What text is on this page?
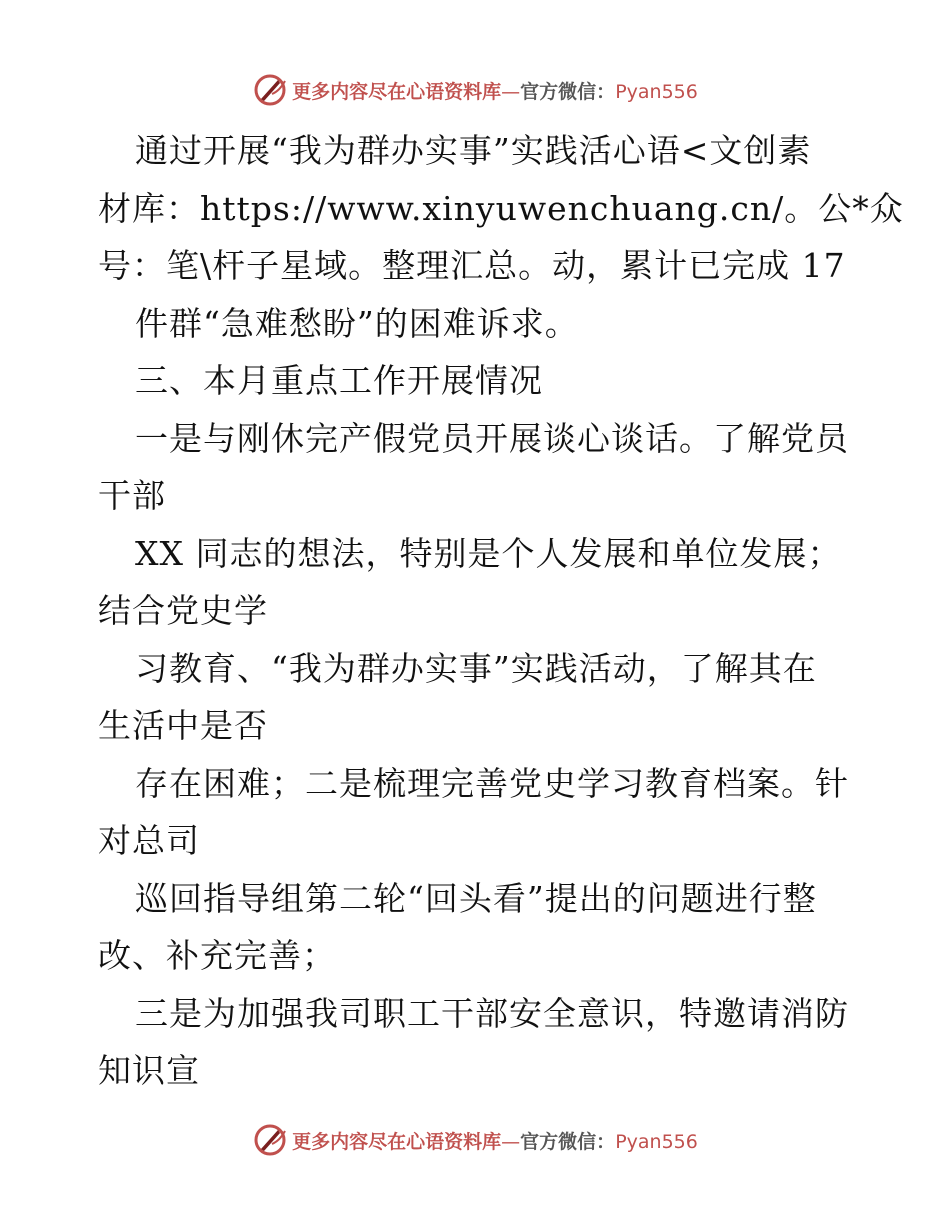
更多内容尽在心语资料库—官方微信：Pyan556
通过开展“我为群办实事”实践活心语<文创素
材库：https://www.xinyuwenchuang.cn/。公*众
号：笔\杆子星域。整理汇总。动，累计已完成 17
件群“急难愁盼”的困难诉求。
三、本月重点工作开展情况
一是与刚休完产假党员开展谈心谈话。了解党员
干部
XX 同志的想法，特别是个人发展和单位发展；
结合党史学
习教育、“我为群办实事”实践活动，了解其在
生活中是否
存在困难；二是梳理完善党史学习教育档案。针
对总司
巡回指导组第二轮“回头看”提出的问题进行整
改、补充完善；
三是为加强我司职工干部安全意识，特邀请消防
知识宣
更多内容尽在心语资料库—官方微信：Pyan556
